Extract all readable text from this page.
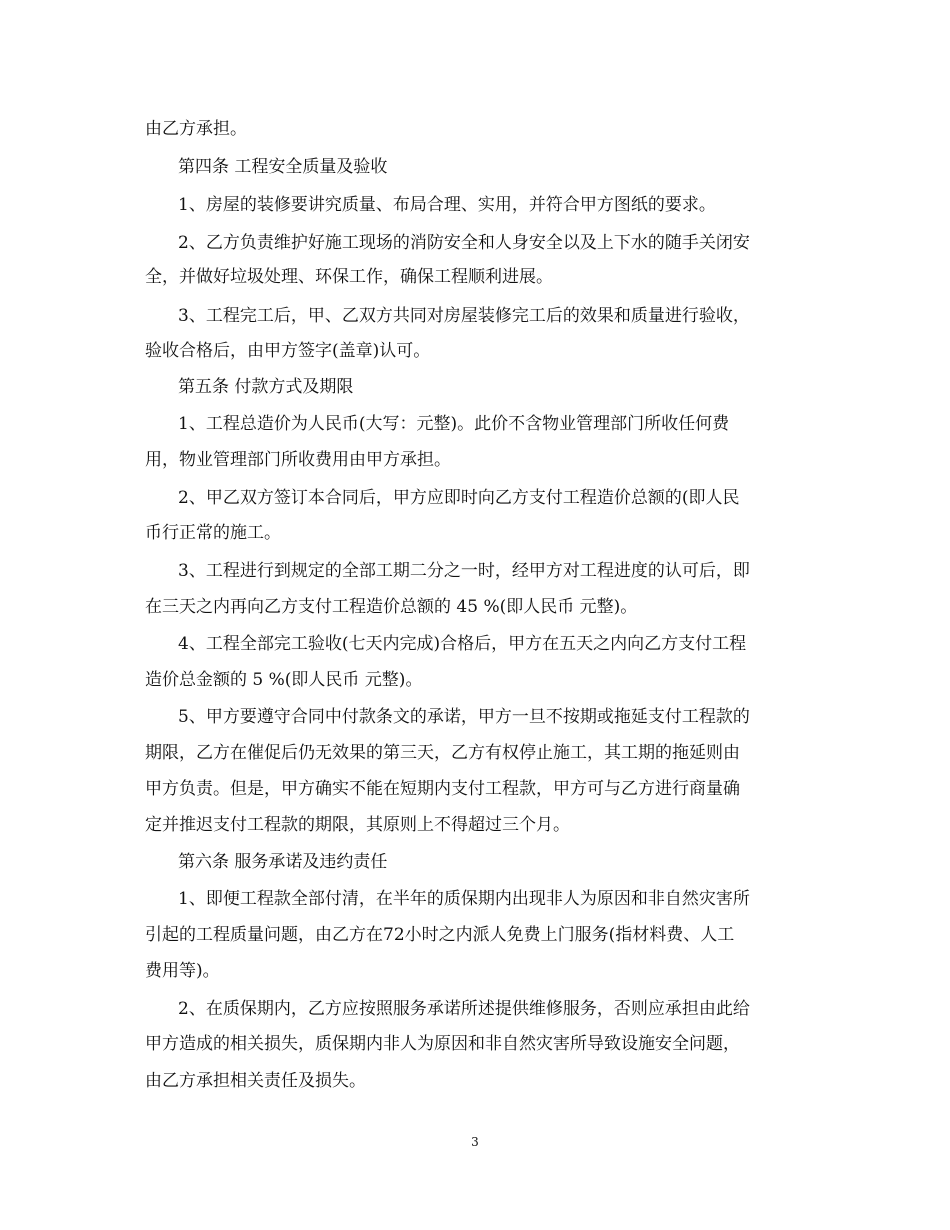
由乙方承担。
第四条 工程安全质量及验收
1、房屋的装修要讲究质量、布局合理、实用，并符合甲方图纸的要求。
2、乙方负责维护好施工现场的消防安全和人身安全以及上下水的随手关闭安
全，并做好垃圾处理、环保工作，确保工程顺利进展。
3、工程完工后，甲、乙双方共同对房屋装修完工后的效果和质量进行验收，
验收合格后，由甲方签字(盖章)认可。
第五条 付款方式及期限
1、工程总造价为人民币(大写：元整)。此价不含物业管理部门所收任何费
用，物业管理部门所收费用由甲方承担。
2、甲乙双方签订本合同后，甲方应即时向乙方支付工程造价总额的(即人民
币行正常的施工。
3、工程进行到规定的全部工期二分之一时，经甲方对工程进度的认可后，即
在三天之内再向乙方支付工程造价总额的 45 %(即人民币 元整)。
4、工程全部完工验收(七天内完成)合格后，甲方在五天之内向乙方支付工程
造价总金额的 5 %(即人民币 元整)。
5、甲方要遵守合同中付款条文的承诺，甲方一旦不按期或拖延支付工程款的
期限，乙方在催促后仍无效果的第三天，乙方有权停止施工，其工期的拖延则由
甲方负责。但是，甲方确实不能在短期内支付工程款，甲方可与乙方进行商量确
定并推迟支付工程款的期限，其原则上不得超过三个月。
第六条 服务承诺及违约责任
1、即便工程款全部付清，在半年的质保期内出现非人为原因和非自然灾害所
引起的工程质量问题，由乙方在72小时之内派人免费上门服务(指材料费、人工
费用等)。
2、在质保期内，乙方应按照服务承诺所述提供维修服务，否则应承担由此给
甲方造成的相关损失，质保期内非人为原因和非自然灾害所导致设施安全问题，
由乙方承担相关责任及损失。
3
